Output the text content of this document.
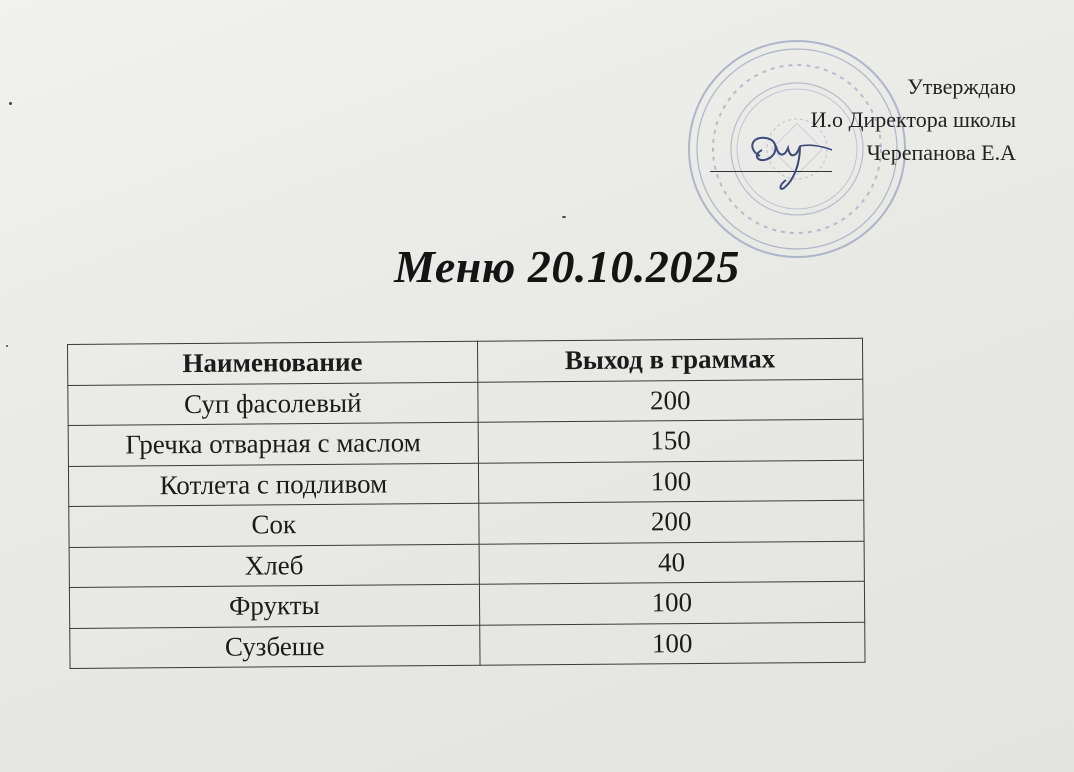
Утверждаю
И.о Директора школы
Черепанова Е.А
Меню 20.10.2025
Наименование	Выход в граммах
Суп фасолевый	200
Гречка отварная с маслом	150
Котлета с подливом	100
Сок	200
Хлеб	40
Фрукты	100
Сузбеше	100
